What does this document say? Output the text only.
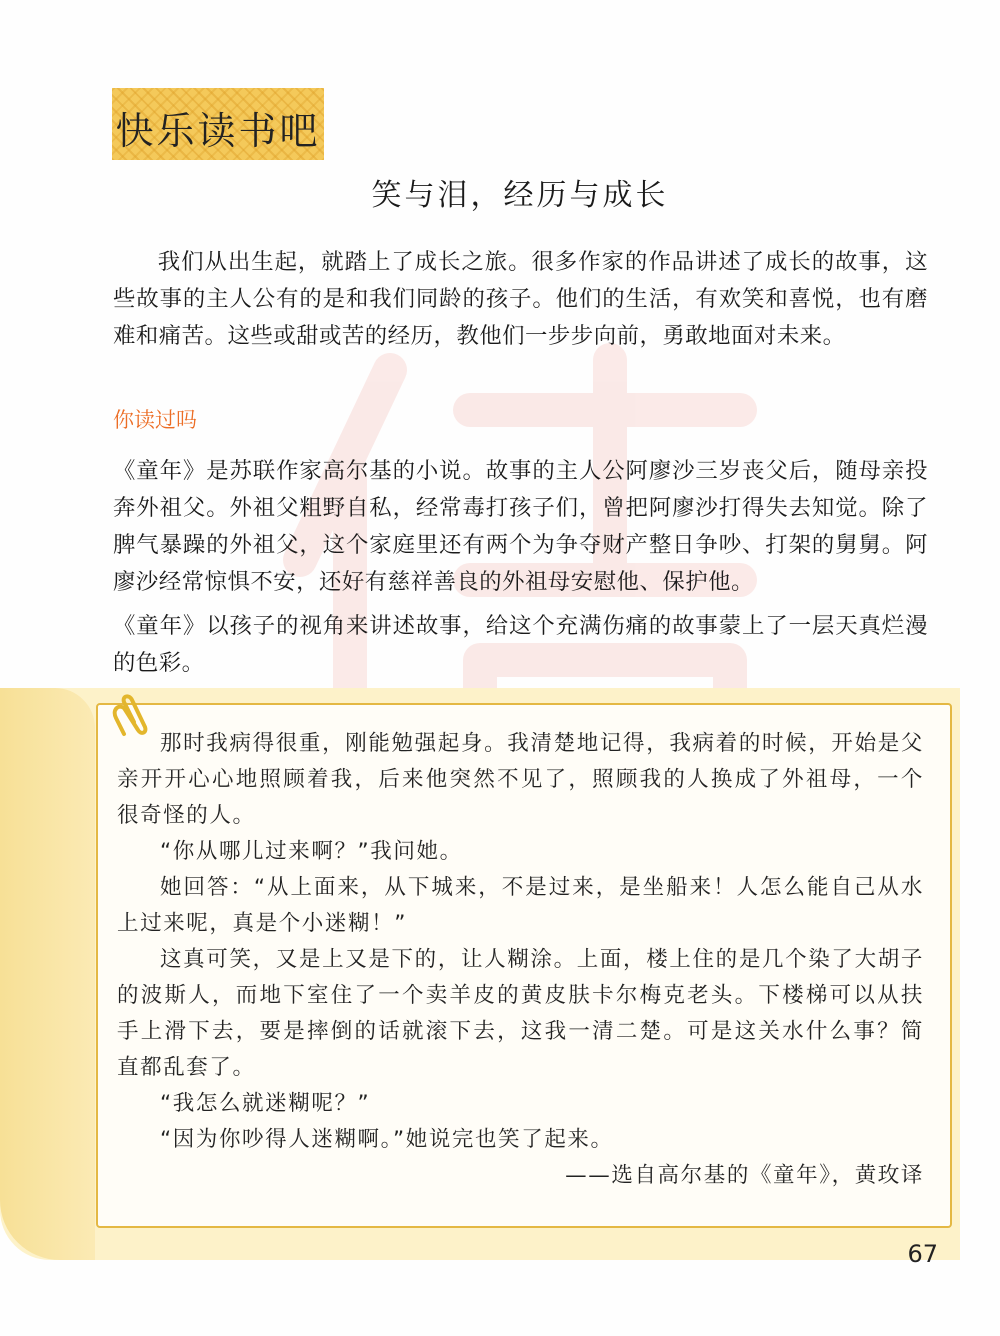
快乐读书吧
笑与泪，经历与成长

我们从出生起，就踏上了成长之旅。很多作家的作品讲述了成长的故事，这些故事的主人公有的是和我们同龄的孩子。他们的生活，有欢笑和喜悦，也有磨难和痛苦。这些或甜或苦的经历，教他们一步步向前，勇敢地面对未来。

你读过吗

《童年》是苏联作家高尔基的小说。故事的主人公阿廖沙三岁丧父后，随母亲投奔外祖父。外祖父粗野自私，经常毒打孩子们，曾把阿廖沙打得失去知觉。除了脾气暴躁的外祖父，这个家庭里还有两个为争夺财产整日争吵、打架的舅舅。阿廖沙经常惊惧不安，还好有慈祥善良的外祖母安慰他、保护他。

《童年》以孩子的视角来讲述故事，给这个充满伤痛的故事蒙上了一层天真烂漫的色彩。

那时我病得很重，刚能勉强起身。我清楚地记得，我病着的时候，开始是父亲开开心心地照顾着我，后来他突然不见了，照顾我的人换成了外祖母，一个很奇怪的人。

“你从哪儿过来啊？”我问她。

她回答：“从上面来，从下城来，不是过来，是坐船来！人怎么能自己从水上过来呢，真是个小迷糊！”

这真可笑，又是上又是下的，让人糊涂。上面，楼上住的是几个染了大胡子的波斯人，而地下室住了一个卖羊皮的黄皮肤卡尔梅克老头。下楼梯可以从扶手上滑下去，要是摔倒的话就滚下去，这我一清二楚。可是这关水什么事？简直都乱套了。

“我怎么就迷糊呢？”

“因为你吵得人迷糊啊。”她说完也笑了起来。

——选自高尔基的《童年》，黄玫译
67
